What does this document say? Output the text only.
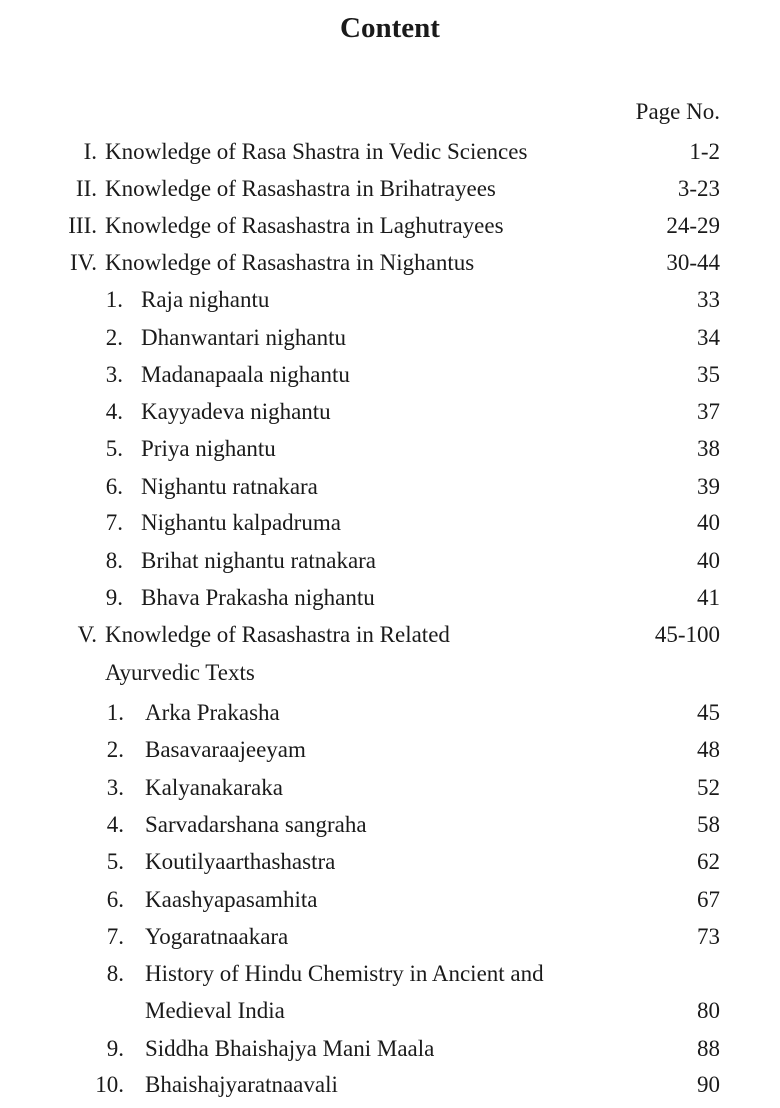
Content
Page No.
I. Knowledge of Rasa Shastra in Vedic Sciences	1-2
II. Knowledge of Rasashastra in Brihatrayees	3-23
III. Knowledge of Rasashastra in Laghutrayees	24-29
IV. Knowledge of Rasashastra in Nighantus	30-44
1. Raja nighantu	33
2. Dhanwantari nighantu	34
3. Madanapaala nighantu	35
4. Kayyadeva nighantu	37
5. Priya nighantu	38
6. Nighantu ratnakara	39
7. Nighantu kalpadruma	40
8. Brihat nighantu ratnakara	40
9. Bhava Prakasha nighantu	41
V. Knowledge of Rasashastra in Related	45-100
Ayurvedic Texts
1. Arka Prakasha	45
2. Basavaraajeeyam	48
3. Kalyanakaraka	52
4. Sarvadarshana sangraha	58
5. Koutilyaarthashastra	62
6. Kaashyapasamhita	67
7. Yogaratnaakara	73
8. History of Hindu Chemistry in Ancient and
Medieval India	80
9. Siddha Bhaishajya Mani Maala	88
10. Bhaishajyaratnaavali	90
